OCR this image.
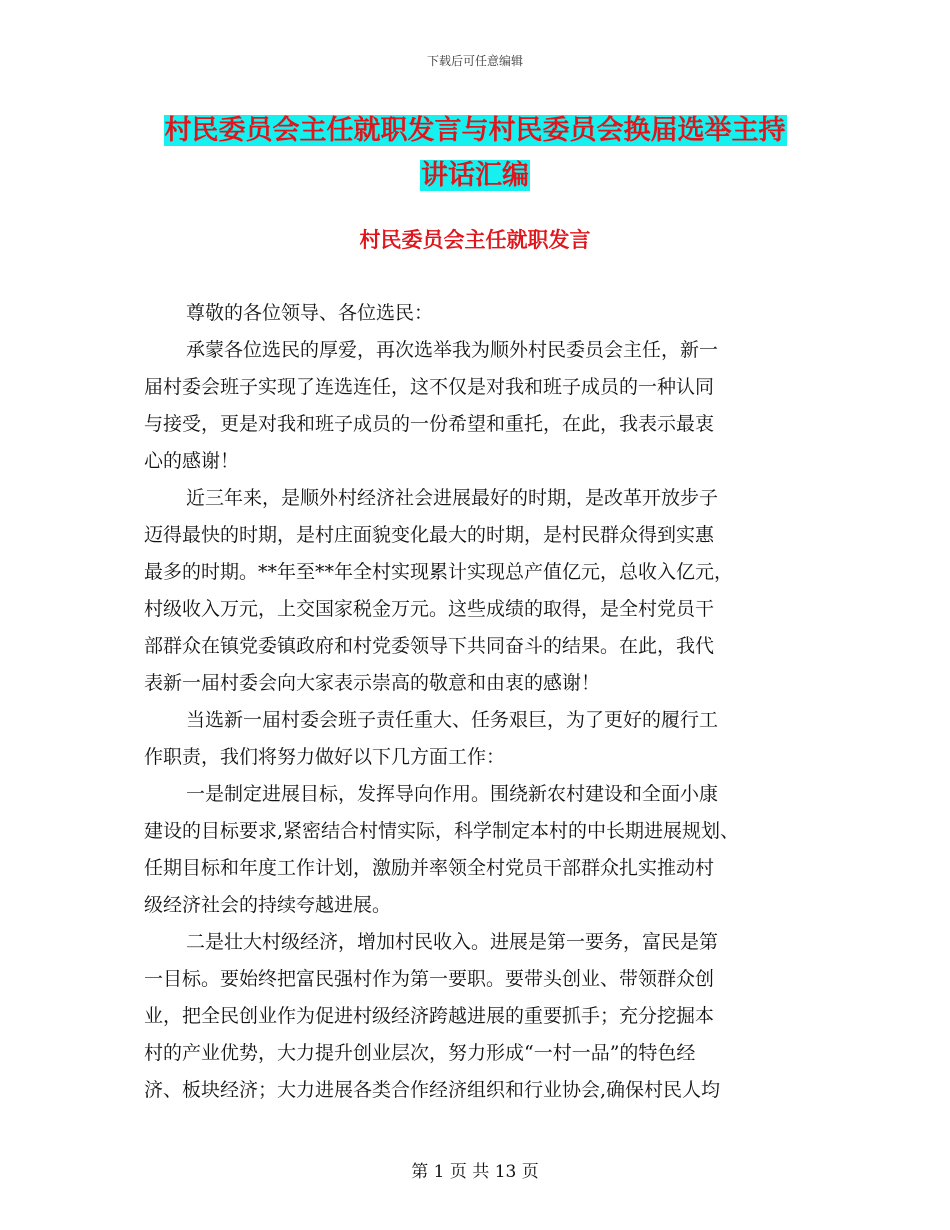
下载后可任意编辑
村民委员会主任就职发言与村民委员会换届选举主持
讲话汇编
村民委员会主任就职发言
尊敬的各位领导、各位选民：
承蒙各位选民的厚爱，再次选举我为顺外村民委员会主任，新一
届村委会班子实现了连选连任，这不仅是对我和班子成员的一种认同
与接受，更是对我和班子成员的一份希望和重托，在此，我表示最衷
心的感谢！
近三年来，是顺外村经济社会进展最好的时期，是改革开放步子
迈得最快的时期，是村庄面貌变化最大的时期，是村民群众得到实惠
最多的时期。**年至**年全村实现累计实现总产值亿元，总收入亿元，
村级收入万元，上交国家税金万元。这些成绩的取得，是全村党员干
部群众在镇党委镇政府和村党委领导下共同奋斗的结果。在此，我代
表新一届村委会向大家表示崇高的敬意和由衷的感谢！
当选新一届村委会班子责任重大、任务艰巨，为了更好的履行工
作职责，我们将努力做好以下几方面工作：
一是制定进展目标，发挥导向作用。围绕新农村建设和全面小康
建设的目标要求,紧密结合村情实际，科学制定本村的中长期进展规划、
任期目标和年度工作计划，激励并率领全村党员干部群众扎实推动村
级经济社会的持续夸越进展。
二是壮大村级经济，增加村民收入。进展是第一要务，富民是第
一目标。要始终把富民强村作为第一要职。要带头创业、带领群众创
业，把全民创业作为促进村级经济跨越进展的重要抓手；充分挖掘本
村的产业优势，大力提升创业层次，努力形成“一村一品”的特色经
济、板块经济；大力进展各类合作经济组织和行业协会,确保村民人均
第 1 页 共 13 页
